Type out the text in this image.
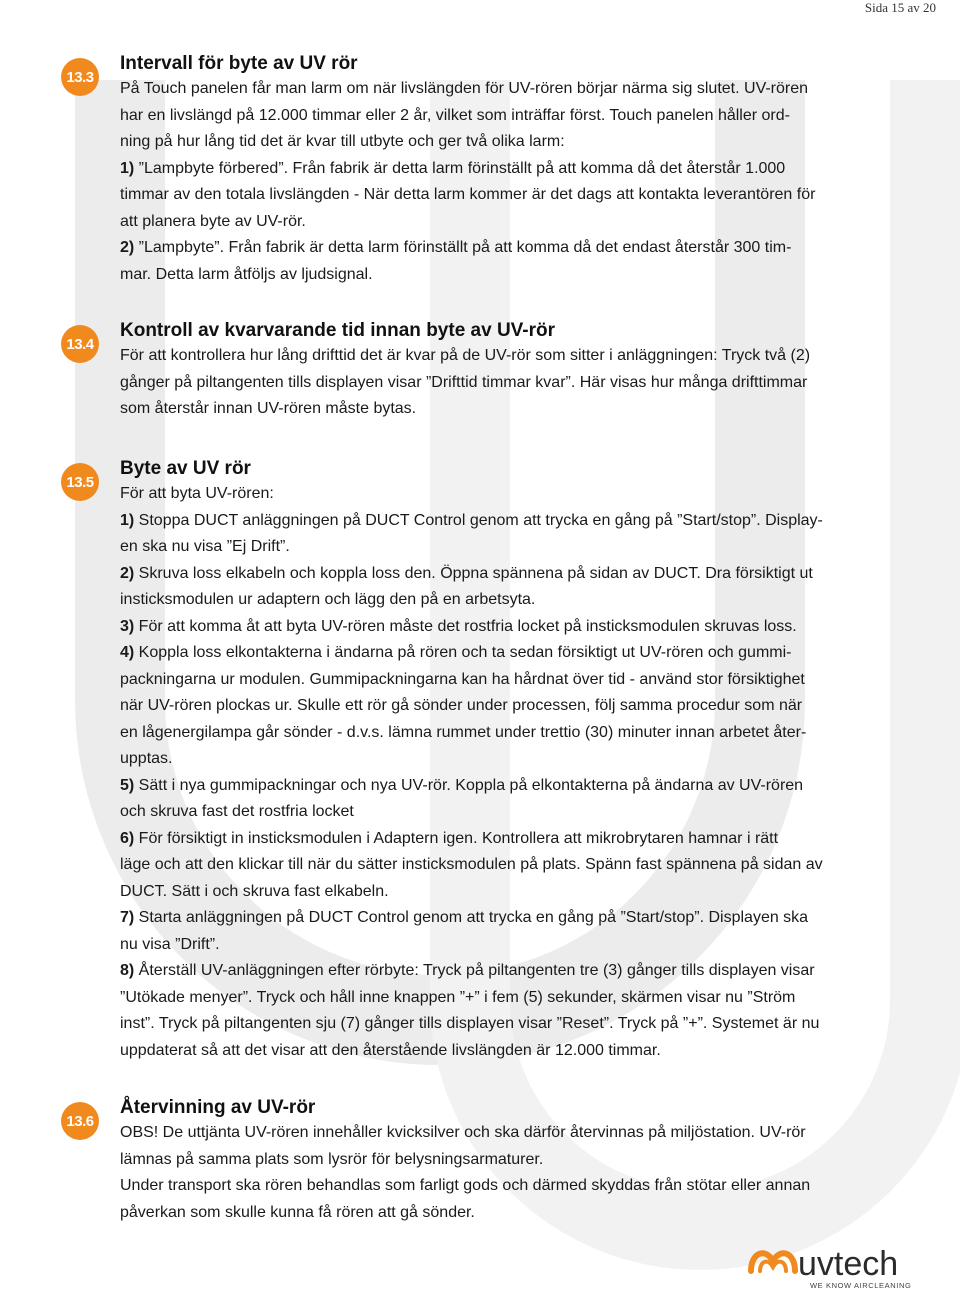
Sida 15 av 20
13.3
Intervall för byte av UV rör

På Touch panelen får man larm om när livslängden för UV-rören börjar närma sig slutet. UV-rören

har en livslängd på 12.000 timmar eller 2 år, vilket som inträffar först. Touch panelen håller ord-

ning på hur lång tid det är kvar till utbyte och ger två olika larm:

1) ”Lampbyte förbered”. Från fabrik är detta larm förinställt på att komma då det återstår 1.000

timmar av den totala livslängden - När detta larm kommer är det dags att kontakta leverantören för

att planera byte av UV-rör.

2) ”Lampbyte”. Från fabrik är detta larm förinställt på att komma då det endast återstår 300 tim-

mar. Detta larm åtföljs av ljudsignal.

13.4
Kontroll av kvarvarande tid innan byte av UV-rör

För att kontrollera hur lång drifttid det är kvar på de UV-rör som sitter i anläggningen: Tryck två (2)

gånger på piltangenten tills displayen visar ”Drifttid timmar kvar”. Här visas hur många drifttimmar

som återstår innan UV-rören måste bytas.

13.5
Byte av UV rör

För att byta UV-rören:

1) Stoppa DUCT anläggningen på DUCT Control genom att trycka en gång på ”Start/stop”. Display-

en ska nu visa ”Ej Drift”.

2) Skruva loss elkabeln och koppla loss den. Öppna spännena på sidan av DUCT. Dra försiktigt ut

insticksmodulen ur adaptern och lägg den på en arbetsyta.

3) För att komma åt att byta UV-rören måste det rostfria locket på insticksmodulen skruvas loss.

4) Koppla loss elkontakterna i ändarna på rören och ta sedan försiktigt ut UV-rören och gummi-

packningarna ur modulen. Gummipackningarna kan ha hårdnat över tid - använd stor försiktighet

när UV-rören plockas ur. Skulle ett rör gå sönder under processen, följ samma procedur som när

en lågenergilampa går sönder - d.v.s. lämna rummet under trettio (30) minuter innan arbetet åter-

upptas.

5) Sätt i nya gummipackningar och nya UV-rör. Koppla på elkontakterna på ändarna av UV-rören

och skruva fast det rostfria locket

6) För försiktigt in insticksmodulen i Adaptern igen. Kontrollera att mikrobrytaren hamnar i rätt

läge och att den klickar till när du sätter insticksmodulen på plats. Spänn fast spännena på sidan av

DUCT. Sätt i och skruva fast elkabeln.

7) Starta anläggningen på DUCT Control genom att trycka en gång på ”Start/stop”. Displayen ska

nu visa ”Drift”.

8) Återställ UV-anläggningen efter rörbyte: Tryck på piltangenten tre (3) gånger tills displayen visar

”Utökade menyer”. Tryck och håll inne knappen ”+” i fem (5) sekunder, skärmen visar nu ”Ström

inst”. Tryck på piltangenten sju (7) gånger tills displayen visar ”Reset”. Tryck på ”+”. Systemet är nu

uppdaterat så att det visar att den återstående livslängden är 12.000 timmar.

13.6
Återvinning av UV-rör

OBS! De uttjänta UV-rören innehåller kvicksilver och ska därför återvinnas på miljöstation. UV-rör

lämnas på samma plats som lysrör för belysningsarmaturer.

Under transport ska rören behandlas som farligt gods och därmed skyddas från stötar eller annan

påverkan som skulle kunna få rören att gå sönder.

uvtech
WE KNOW AIRCLEANING
